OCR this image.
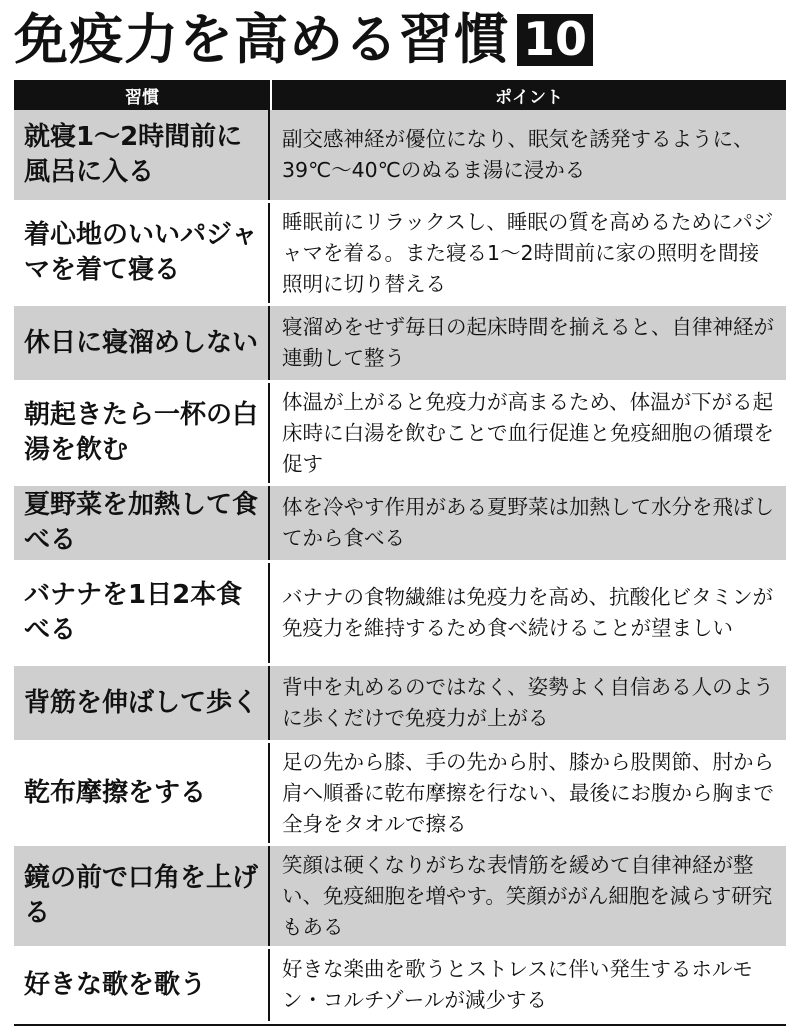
免疫力を高める習慣 10
習慣	ポイント
就寝1～2時間前に風呂に入る
副交感神経が優位になり、眠気を誘発するように、39℃～40℃のぬるま湯に浸かる
着心地のいいパジャマを着て寝る
睡眠前にリラックスし、睡眠の質を高めるためにパジャマを着る。また寝る1～2時間前に家の照明を間接照明に切り替える
休日に寝溜めしない
寝溜めをせず毎日の起床時間を揃えると、自律神経が連動して整う
朝起きたら一杯の白湯を飲む
体温が上がると免疫力が高まるため、体温が下がる起床時に白湯を飲むことで血行促進と免疫細胞の循環を促す
夏野菜を加熱して食べる
体を冷やす作用がある夏野菜は加熱して水分を飛ばしてから食べる
バナナを1日2本食べる
バナナの食物繊維は免疫力を高め、抗酸化ビタミンが免疫力を維持するため食べ続けることが望ましい
背筋を伸ばして歩く
背中を丸めるのではなく、姿勢よく自信ある人のように歩くだけで免疫力が上がる
乾布摩擦をする
足の先から膝、手の先から肘、膝から股関節、肘から肩へ順番に乾布摩擦を行ない、最後にお腹から胸まで全身をタオルで擦る
鏡の前で口角を上げる
笑顔は硬くなりがちな表情筋を緩めて自律神経が整い、免疫細胞を増やす。笑顔ががん細胞を減らす研究もある
好きな歌を歌う
好きな楽曲を歌うとストレスに伴い発生するホルモン・コルチゾールが減少する
